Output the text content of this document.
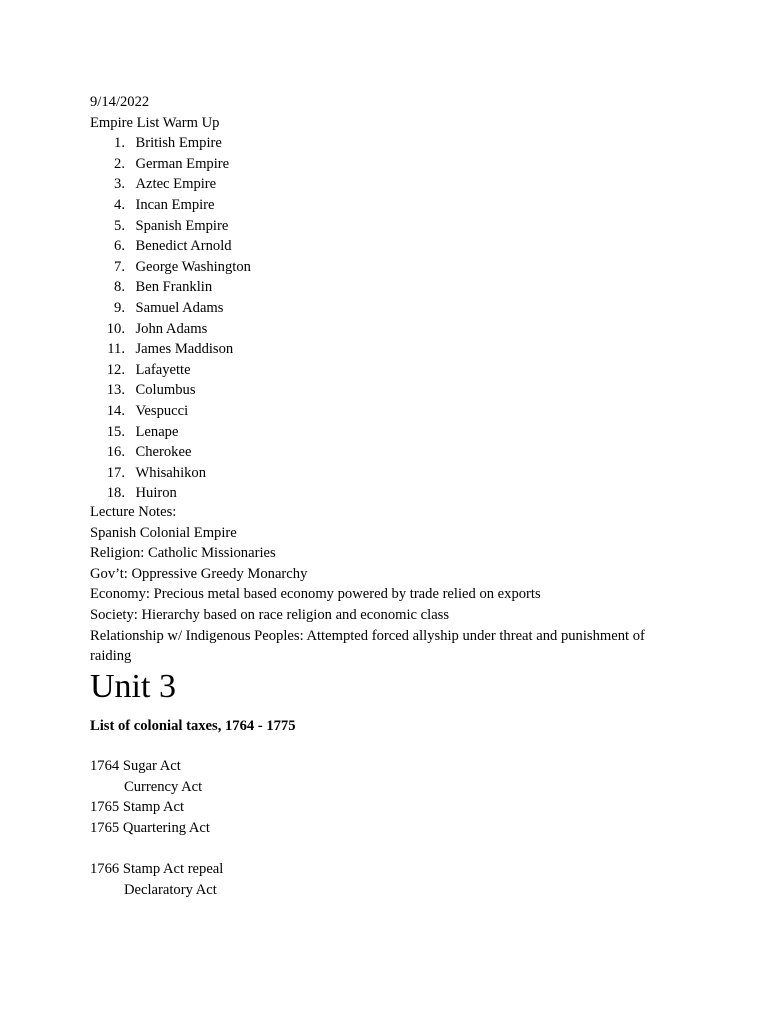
9/14/2022
Empire List Warm Up
1. British Empire
2. German Empire
3. Aztec Empire
4. Incan Empire
5. Spanish Empire
6. Benedict Arnold
7. George Washington
8. Ben Franklin
9. Samuel Adams
10. John Adams
11. James Maddison
12. Lafayette
13. Columbus
14. Vespucci
15. Lenape
16. Cherokee
17. Whisahikon
18. Huiron
Lecture Notes:
Spanish Colonial Empire
Religion: Catholic Missionaries
Gov’t: Oppressive Greedy Monarchy
Economy: Precious metal based economy powered by trade relied on exports
Society: Hierarchy based on race religion and economic class
Relationship w/ Indigenous Peoples: Attempted forced allyship under threat and punishment of raiding
Unit 3
List of colonial taxes, 1764 - 1775
1764 Sugar Act
Currency Act
1765 Stamp Act
1765 Quartering Act
1766 Stamp Act repeal
Declaratory Act
